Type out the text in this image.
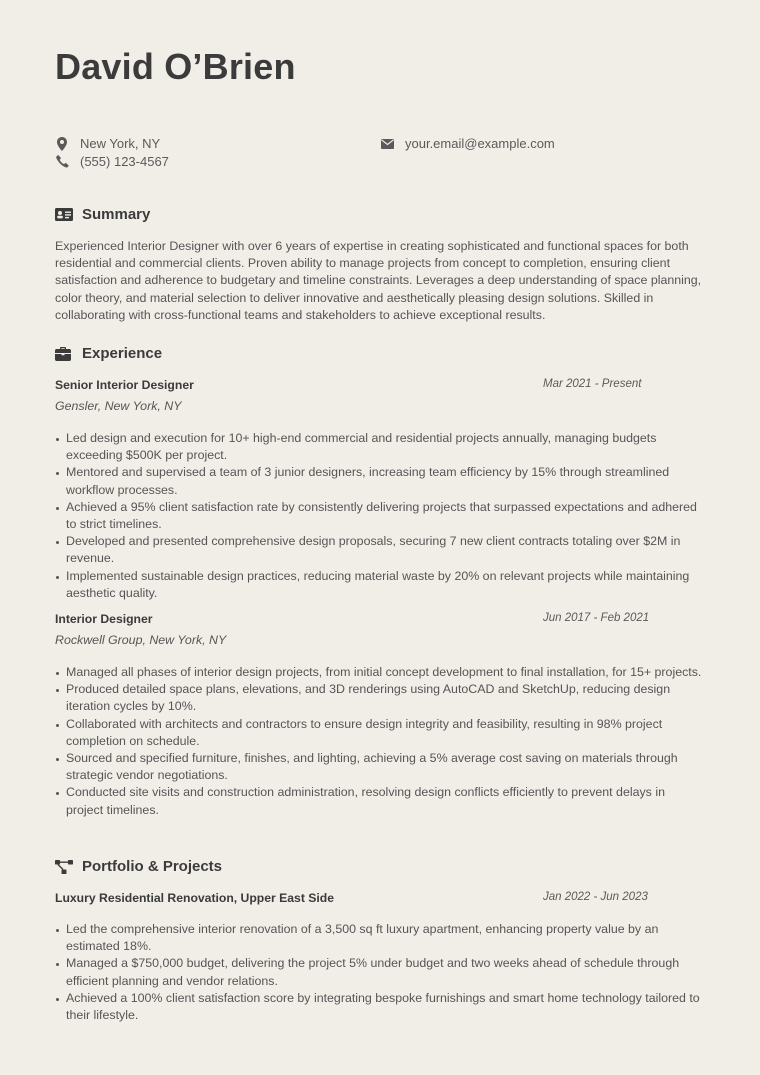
David O’Brien
New York, NY
(555) 123-4567
your.email@example.com
Summary

Experienced Interior Designer with over 6 years of expertise in creating sophisticated and functional spaces for both residential and commercial clients. Proven ability to manage projects from concept to completion, ensuring client satisfaction and adherence to budgetary and timeline constraints. Leverages a deep understanding of space planning, color theory, and material selection to deliver innovative and aesthetically pleasing design solutions. Skilled in collaborating with cross-functional teams and stakeholders to achieve exceptional results.

Experience
Senior Interior Designer	Mar 2021 - Present
Gensler, New York, NY
Led design and execution for 10+ high-end commercial and residential projects annually, managing budgets exceeding $500K per project.
Mentored and supervised a team of 3 junior designers, increasing team efficiency by 15% through streamlined workflow processes.
Achieved a 95% client satisfaction rate by consistently delivering projects that surpassed expectations and adhered to strict timelines.
Developed and presented comprehensive design proposals, securing 7 new client contracts totaling over $2M in revenue.
Implemented sustainable design practices, reducing material waste by 20% on relevant projects while maintaining aesthetic quality.
Interior Designer	Jun 2017 - Feb 2021
Rockwell Group, New York, NY
Managed all phases of interior design projects, from initial concept development to final installation, for 15+ projects.
Produced detailed space plans, elevations, and 3D renderings using AutoCAD and SketchUp, reducing design iteration cycles by 10%.
Collaborated with architects and contractors to ensure design integrity and feasibility, resulting in 98% project completion on schedule.
Sourced and specified furniture, finishes, and lighting, achieving a 5% average cost saving on materials through strategic vendor negotiations.
Conducted site visits and construction administration, resolving design conflicts efficiently to prevent delays in project timelines.
Portfolio & Projects
Luxury Residential Renovation, Upper East Side	Jan 2022 - Jun 2023
Led the comprehensive interior renovation of a 3,500 sq ft luxury apartment, enhancing property value by an estimated 18%.
Managed a $750,000 budget, delivering the project 5% under budget and two weeks ahead of schedule through efficient planning and vendor relations.
Achieved a 100% client satisfaction score by integrating bespoke furnishings and smart home technology tailored to their lifestyle.
